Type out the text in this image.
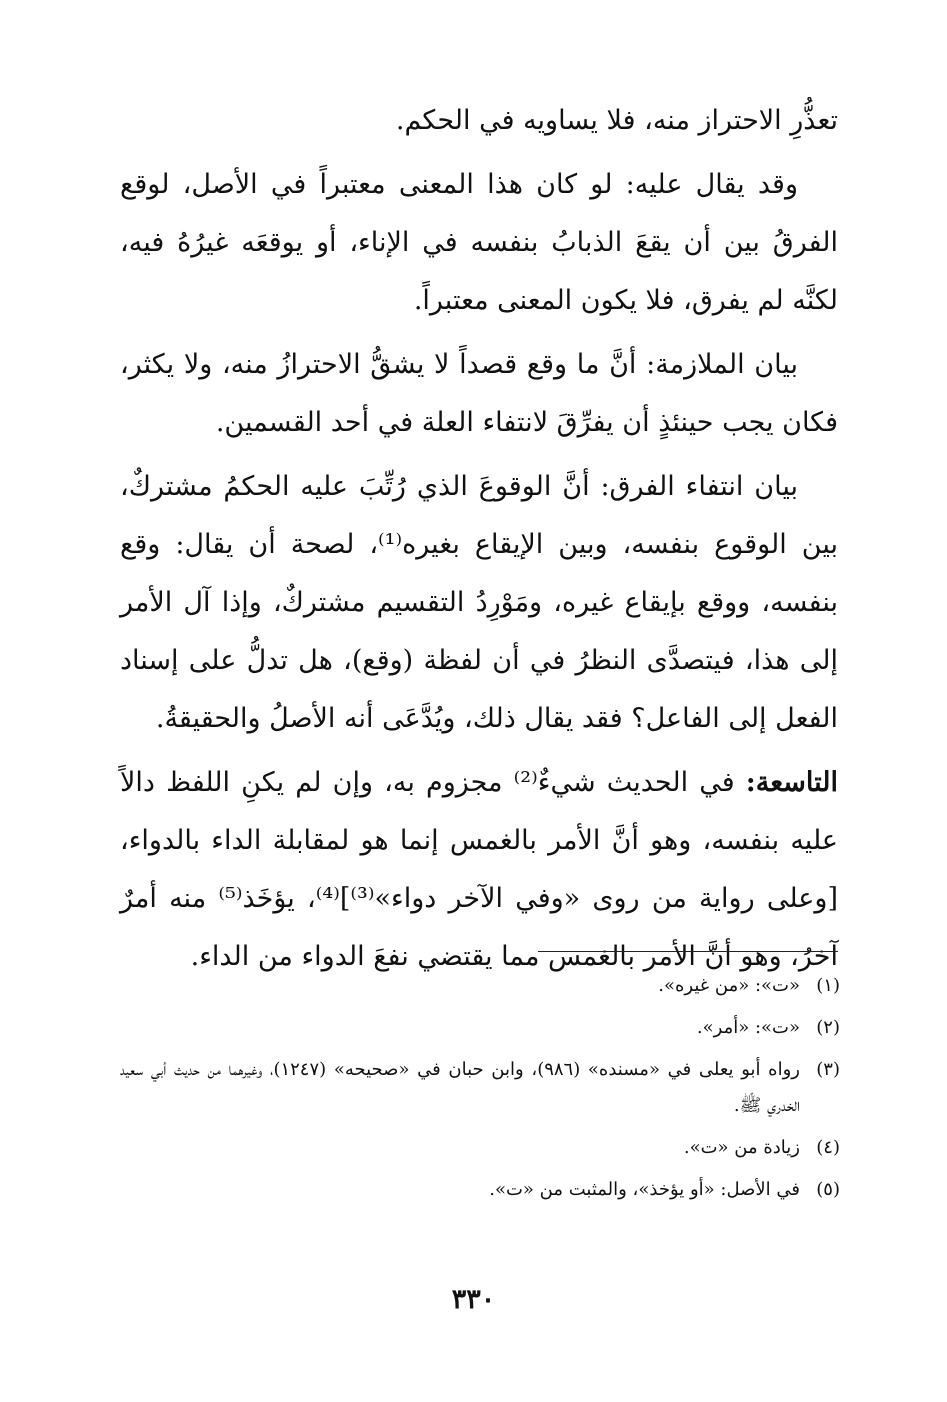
تعذُّرِ الاحتراز منه، فلا يساويه في الحكم.

وقد يقال عليه: لو كان هذا المعنى معتبراً في الأصل، لوقع الفرقُ بين أن يقعَ الذبابُ بنفسه في الإناء، أو يوقعَه غيرُهُ فيه، لكنَّه لم يفرق، فلا يكون المعنى معتبراً.

بيان الملازمة: أنَّ ما وقع قصداً لا يشقُّ الاحترازُ منه، ولا يكثر، فكان يجب حينئذٍ أن يفرِّقَ لانتفاء العلة في أحد القسمين.

بيان انتفاء الفرق: أنَّ الوقوعَ الذي رُتِّبَ عليه الحكمُ مشتركٌ، بين الوقوع بنفسه، وبين الإيقاع بغيره⁽¹⁾، لصحة أن يقال: وقع بنفسه، ووقع بإيقاع غيره، ومَوْرِدُ التقسيم مشتركٌ، وإذا آل الأمر إلى هذا، فيتصدَّى النظرُ في أن لفظة (وقع)، هل تدلُّ على إسناد الفعل إلى الفاعل؟ فقد يقال ذلك، ويُدَّعَى أنه الأصلُ والحقيقةُ.

التاسعة: في الحديث شيءٌ⁽²⁾ مجزوم به، وإن لم يكنِ اللفظ دالاً عليه بنفسه، وهو أنَّ الأمر بالغمس إنما هو لمقابلة الداء بالدواء، [وعلى رواية من روى «وفي الآخر دواء»⁽³⁾]⁽⁴⁾، يؤخَذ⁽⁵⁾ منه أمرٌ آخرُ، وهو أنَّ الأمر بالغمس مما يقتضي نفعَ الدواء من الداء.

(١)
«ت»: «من غيره».
(٢)
«ت»: «أمر».
(٣)
رواه أبو يعلى في «مسنده» (٩٨٦)، وابن حبان في «صحيحه» (١٢٤٧)، وغيرهما من حديث أبي سعيد الخدري ﷺ.
(٤)
زيادة من «ت».
(٥)
في الأصل: «أو يؤخذ»، والمثبت من «ت».
٣٣٠
